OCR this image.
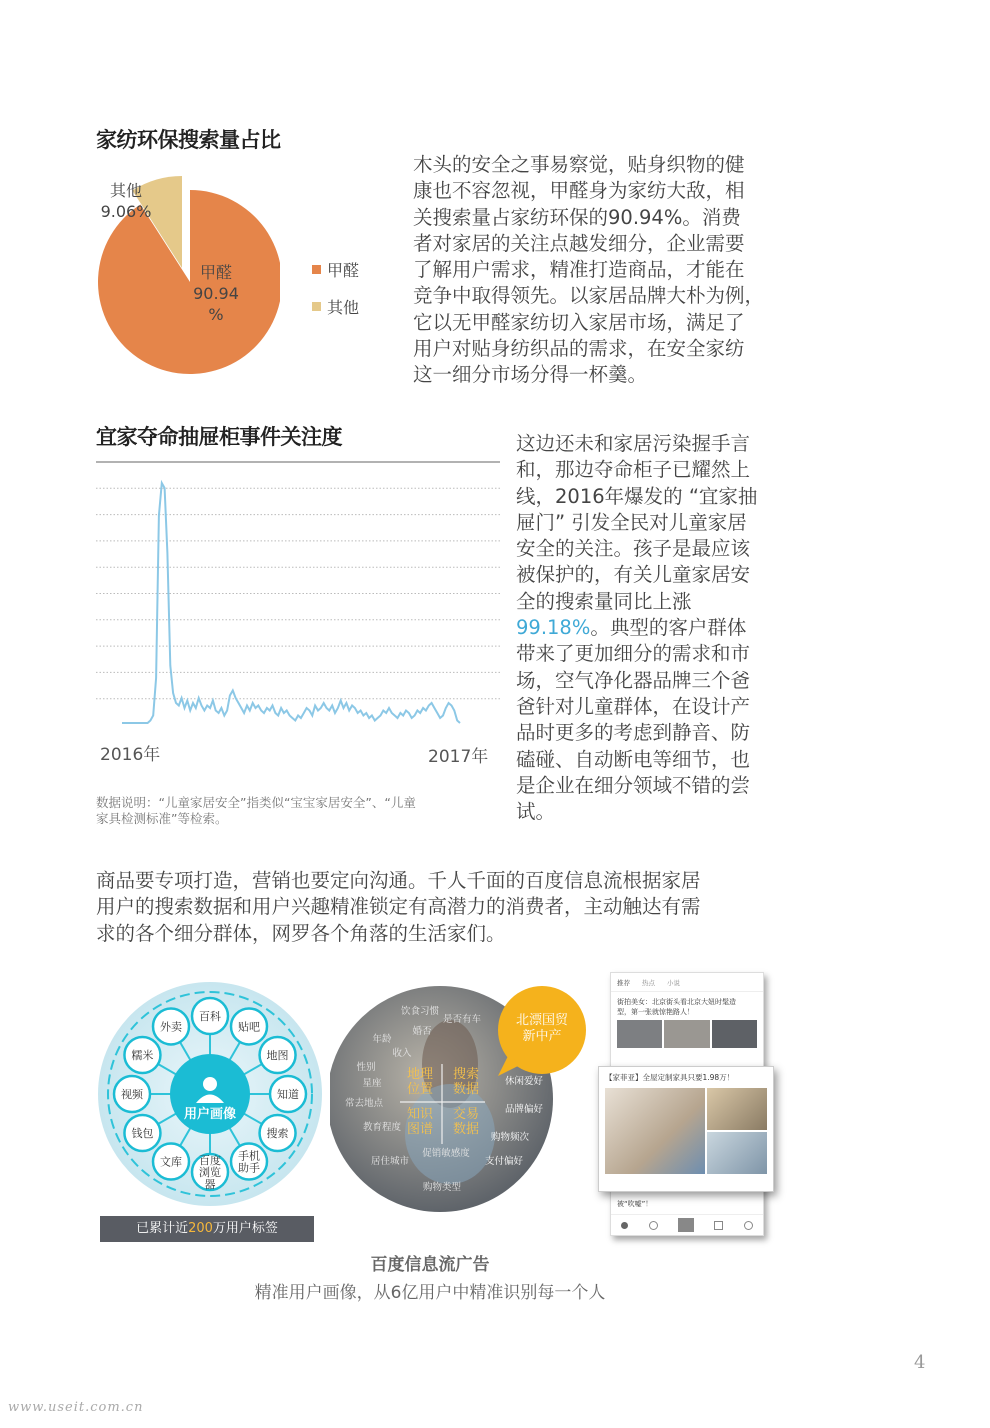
家纺环保搜索量占比
其他
9.06%
甲醛
90.94
%
甲醛
其他
木头的安全之事易察觉，贴身织物的健
康也不容忽视，甲醛身为家纺大敌，相
关搜索量占家纺环保的90.94%。消费
者对家居的关注点越发细分，企业需要
了解用户需求，精准打造商品，才能在
竞争中取得领先。以家居品牌大朴为例，
它以无甲醛家纺切入家居市场，满足了
用户对贴身纺织品的需求，在安全家纺
这一细分市场分得一杯羹。
宜家夺命抽屉柜事件关注度
2016年	2017年
数据说明：“儿童家居安全”指类似“宝宝家居安全”、“儿童
家具检测标准”等检索。
这边还未和家居污染握手言
和，那边夺命柜子已耀然上
线，2016年爆发的 “宜家抽
屉门” 引发全民对儿童家居
安全的关注。孩子是最应该
被保护的，有关儿童家居安
全的搜索量同比上涨
99.18%。典型的客户群体
带来了更加细分的需求和市
场，空气净化器品牌三个爸
爸针对儿童群体，在设计产
品时更多的考虑到静音、防
磕碰、自动断电等细节，也
是企业在细分领域不错的尝
试。
商品要专项打造，营销也要定向沟通。千人千面的百度信息流根据家居
用户的搜索数据和用户兴趣精准锁定有高潜力的消费者，主动触达有需
求的各个细分群体，网罗各个角落的生活家们。
用户画像
百科
贴吧
地图
知道
搜索
手机助手
百度浏览器
文库
钱包
视频
糯米
外卖
已累计近200万用户标签
饮食习惯
是否有车
婚否
年龄
收入
性别
星座
常去地点
教育程度
居住城市
促销敏感度
购物类型
休闲爱好
品牌偏好
购物频次
支付偏好
地理位置
搜索数据
知识图谱
交易数据
北漂国贸新中产
推荐 热点 小说
街拍美女：北京街头看北京大妞时髦造
型，第一张就惊艳路人！
被“吹嘘”！
【家菲亚】全屋定制家具只要1.98万！
百度信息流广告
精准用户画像，从6亿用户中精准识别每一个人
4
www.useit.com.cn
